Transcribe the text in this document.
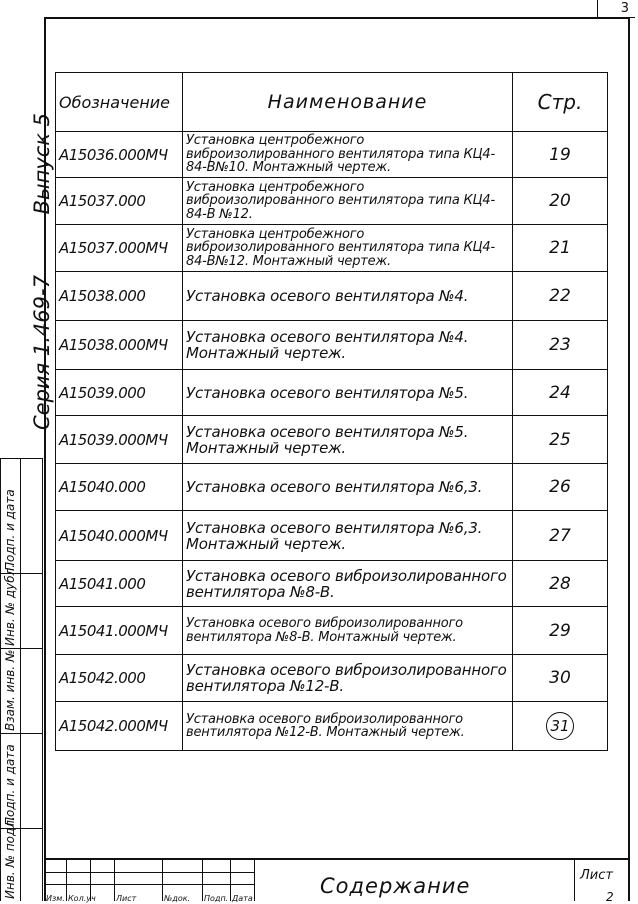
3
Серия 1.469-7 Выпуск 5
Подп. и дата
Инв. № дубл.
Взам. инв. №
Подп. и дата
Инв. № подл.
Обозначение	Наименование	Стр.
А15036.000МЧ	Установка центробежного виброизолированного вентилятора типа КЦ4-84-В№10. Монтажный чертеж.	19
А15037.000	Установка центробежного виброизолированного вентилятора типа КЦ4-84-В №12.	20
А15037.000МЧ	Установка центробежного виброизолированного вентилятора типа КЦ4-84-В№12. Монтажный чертеж.	21
А15038.000	Установка осевого вентилятора №4.	22
А15038.000МЧ	Установка осевого вентилятора №4. Монтажный чертеж.	23
А15039.000	Установка осевого вентилятора №5.	24
А15039.000МЧ	Установка осевого вентилятора №5. Монтажный чертеж.	25
А15040.000	Установка осевого вентилятора №6,3.	26
А15040.000МЧ	Установка осевого вентилятора №6,3. Монтажный чертеж.	27
А15041.000	Установка осевого виброизолированного вентилятора №8-В.	28
А15041.000МЧ	Установка осевого виброизолированного вентилятора №8-В. Монтажный чертеж.	29
А15042.000	Установка осевого виброизолированного вентилятора №12-В.	30
А15042.000МЧ	Установка осевого виброизолированного вентилятора №12-В. Монтажный чертеж.	31
Изм. Кол.уч	Лист	№док. Подп. Дата
Содержание	Лист
2
